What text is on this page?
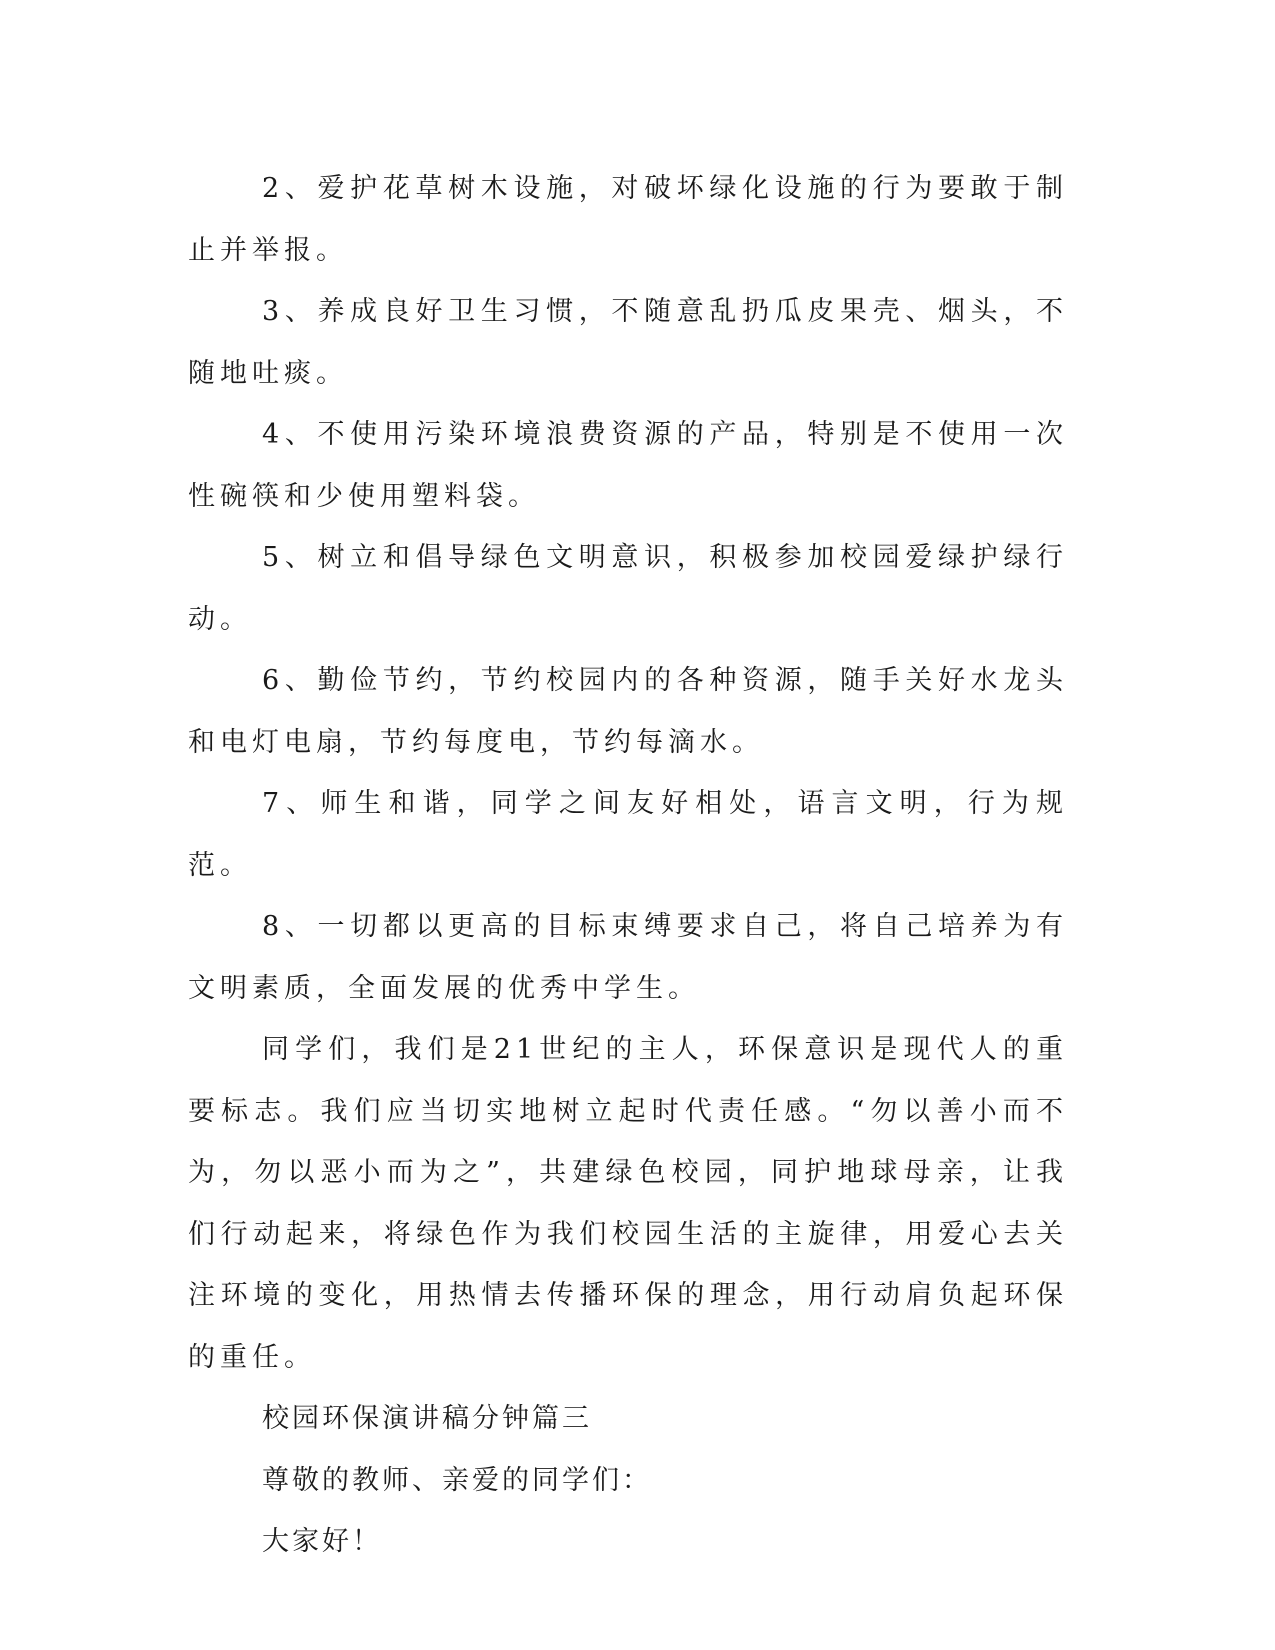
2、爱护花草树木设施，对破坏绿化设施的行为要敢于制止并举报。

3、养成良好卫生习惯，不随意乱扔瓜皮果壳、烟头，不随地吐痰。

4、不使用污染环境浪费资源的产品，特别是不使用一次性碗筷和少使用塑料袋。

5、树立和倡导绿色文明意识，积极参加校园爱绿护绿行动。

6、勤俭节约，节约校园内的各种资源，随手关好水龙头和电灯电扇，节约每度电，节约每滴水。

7、师生和谐，同学之间友好相处，语言文明，行为规范。

8、一切都以更高的目标束缚要求自己，将自己培养为有文明素质，全面发展的优秀中学生。

同学们，我们是21世纪的主人，环保意识是现代人的重要标志。我们应当切实地树立起时代责任感。“勿以善小而不为，勿以恶小而为之”，共建绿色校园，同护地球母亲，让我们行动起来，将绿色作为我们校园生活的主旋律，用爱心去关注环境的变化，用热情去传播环保的理念，用行动肩负起环保的重任。

校园环保演讲稿分钟篇三

尊敬的教师、亲爱的同学们：

大家好！
